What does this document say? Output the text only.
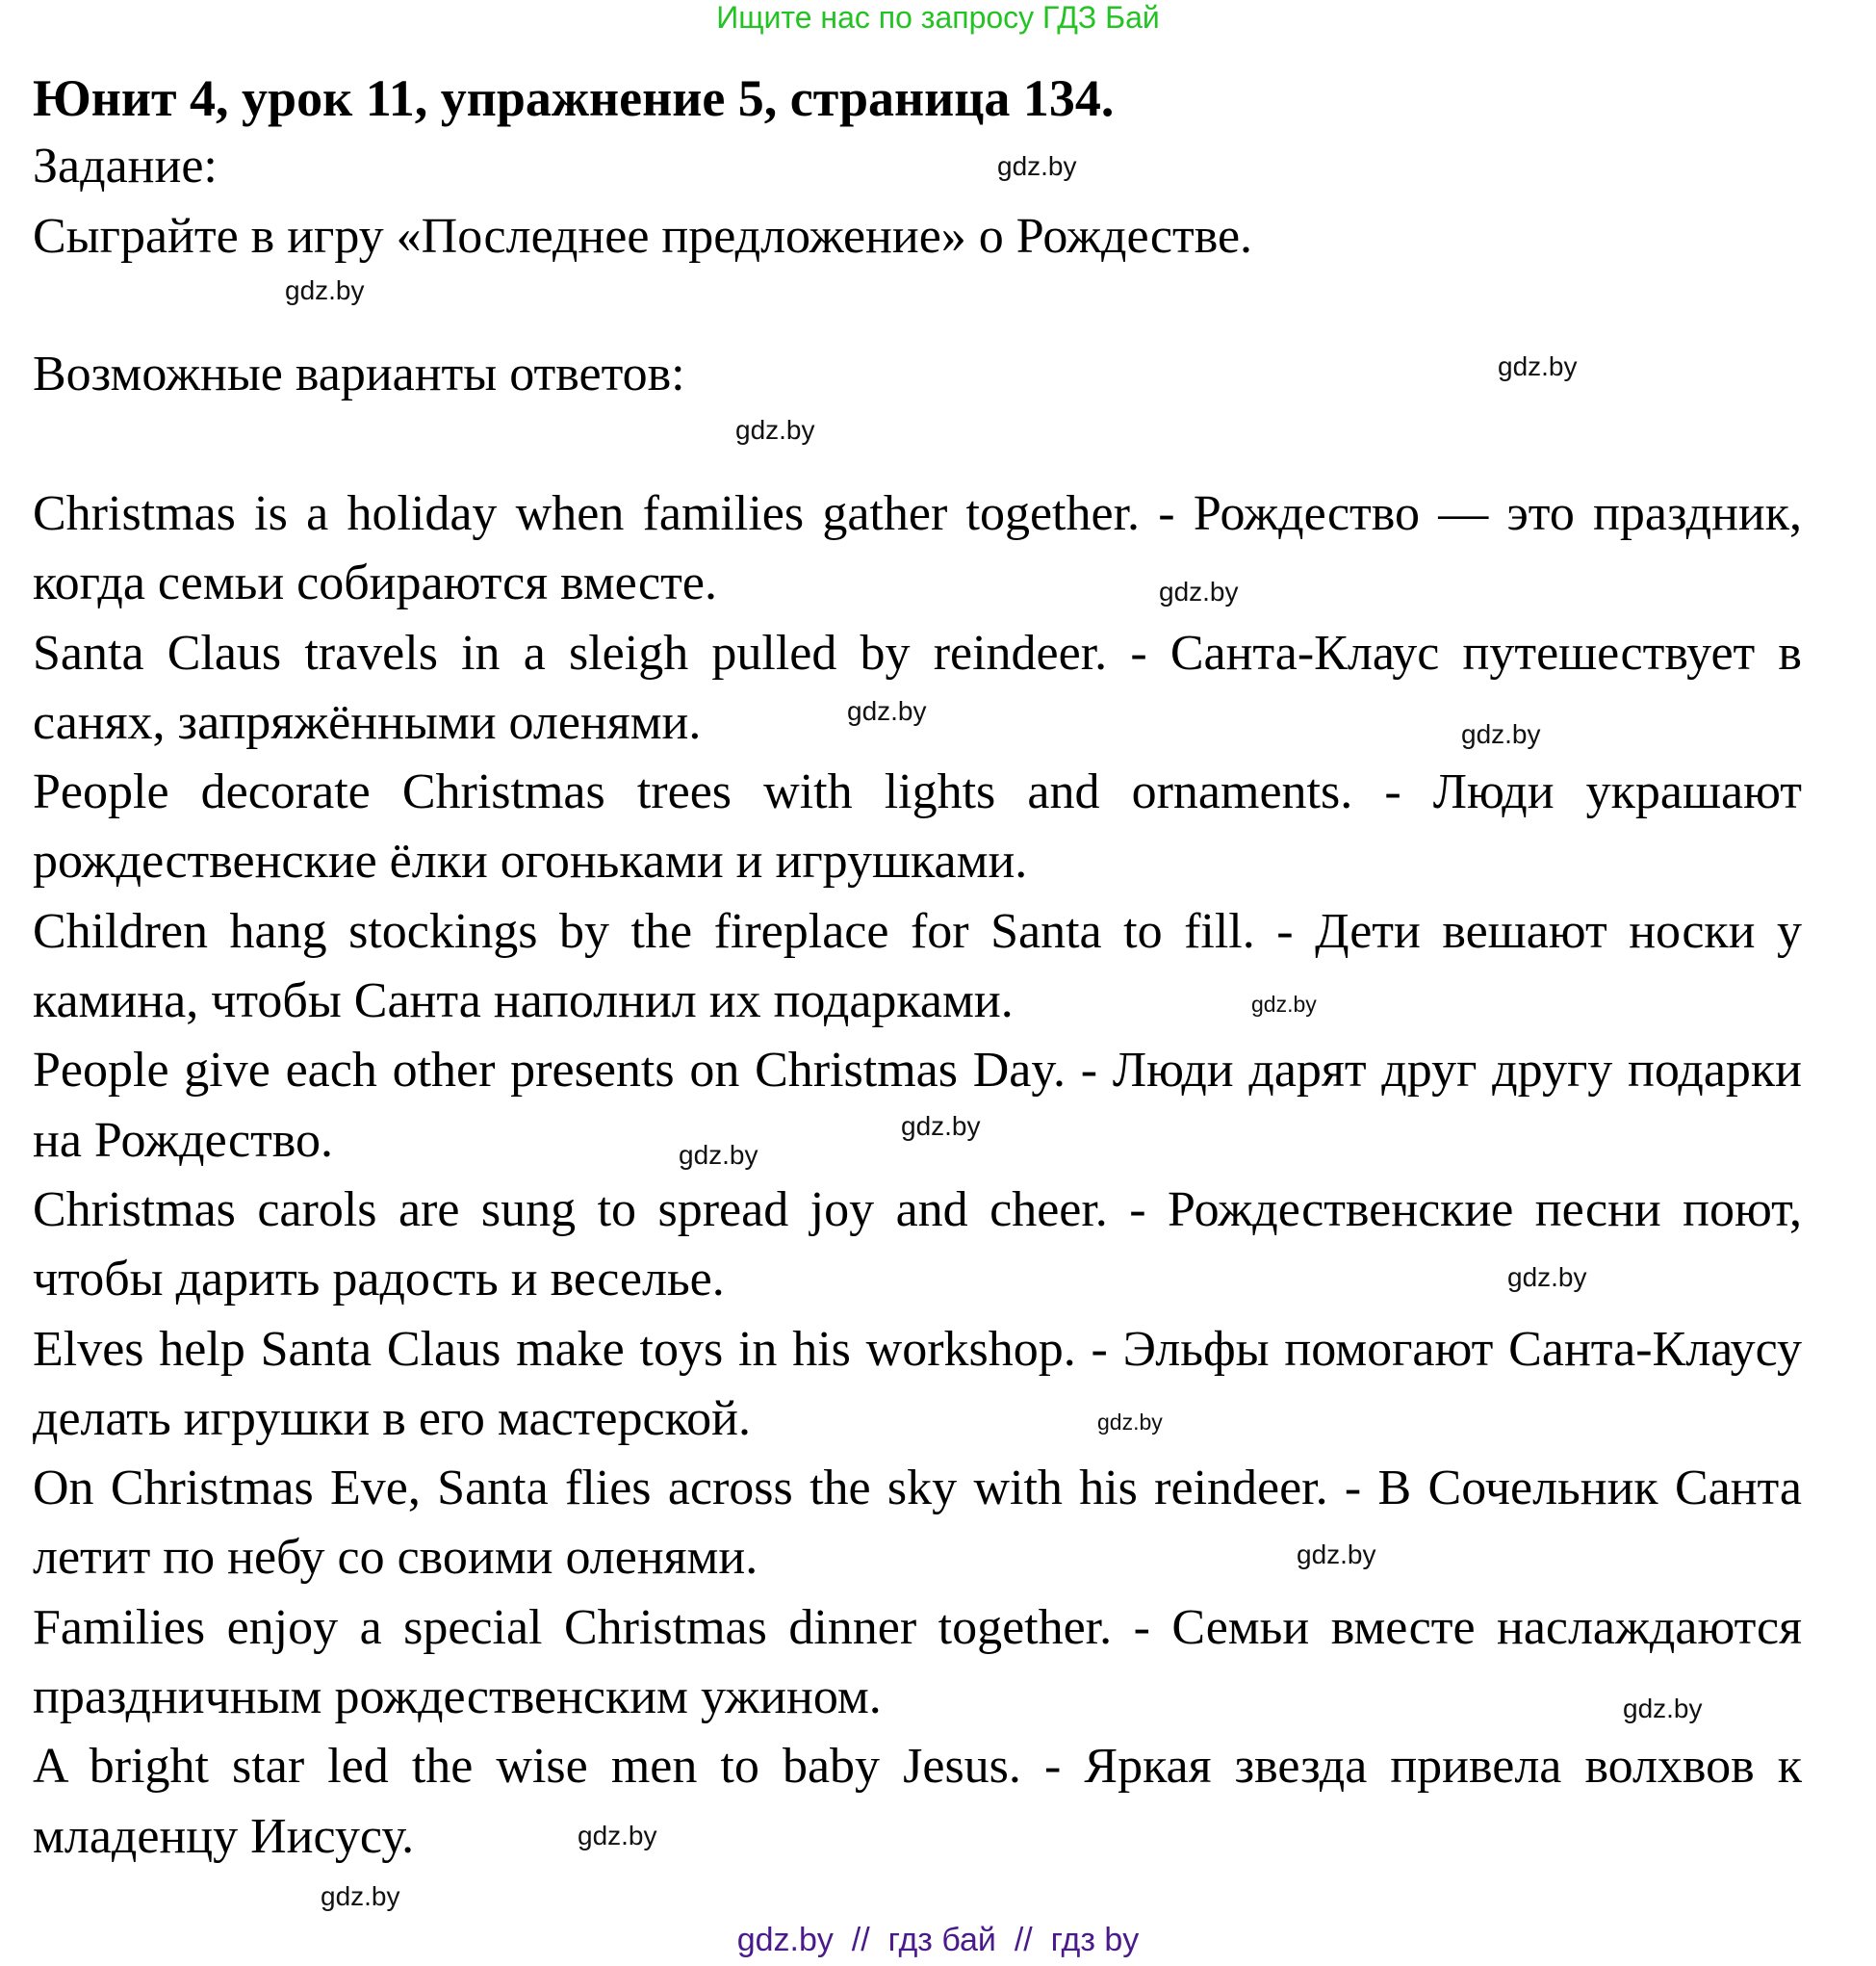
Ищите нас по запросу ГДЗ Бай
Юнит 4, урок 11, упражнение 5, страница 134.
Задание:
Сыграйте в игру «Последнее предложение» о Рождестве.
Возможные варианты ответов:

Christmas is a holiday when families gather together. - Рождество — это праздник, когда семьи собираются вместе.

Santa Claus travels in a sleigh pulled by reindeer. - Санта-Клаус путешествует в санях, запряжёнными оленями.

People decorate Christmas trees with lights and ornaments. - Люди украшают рождественские ёлки огоньками и игрушками.

Children hang stockings by the fireplace for Santa to fill. - Дети вешают носки у камина, чтобы Санта наполнил их подарками.

People give each other presents on Christmas Day. - Люди дарят друг другу подарки на Рождество.

Christmas carols are sung to spread joy and cheer. - Рождественские песни поют, чтобы дарить радость и веселье.

Elves help Santa Claus make toys in his workshop. - Эльфы помогают Санта-Клаусу делать игрушки в его мастерской.

On Christmas Eve, Santa flies across the sky with his reindeer. - В Сочельник Санта летит по небу со своими оленями.

Families enjoy a special Christmas dinner together. - Семьи вместе наслаждаются праздничным рождественским ужином.

A bright star led the wise men to baby Jesus. - Яркая звезда привела волхвов к младенцу Иисусу.

gdz.by
gdz.by
gdz.by
gdz.by
gdz.by
gdz.by
gdz.by
gdz.by
gdz.by
gdz.by
gdz.by
gdz.by
gdz.by
gdz.by
gdz.by
gdz.by
gdz.by  //  гдз бай  //  гдз by
